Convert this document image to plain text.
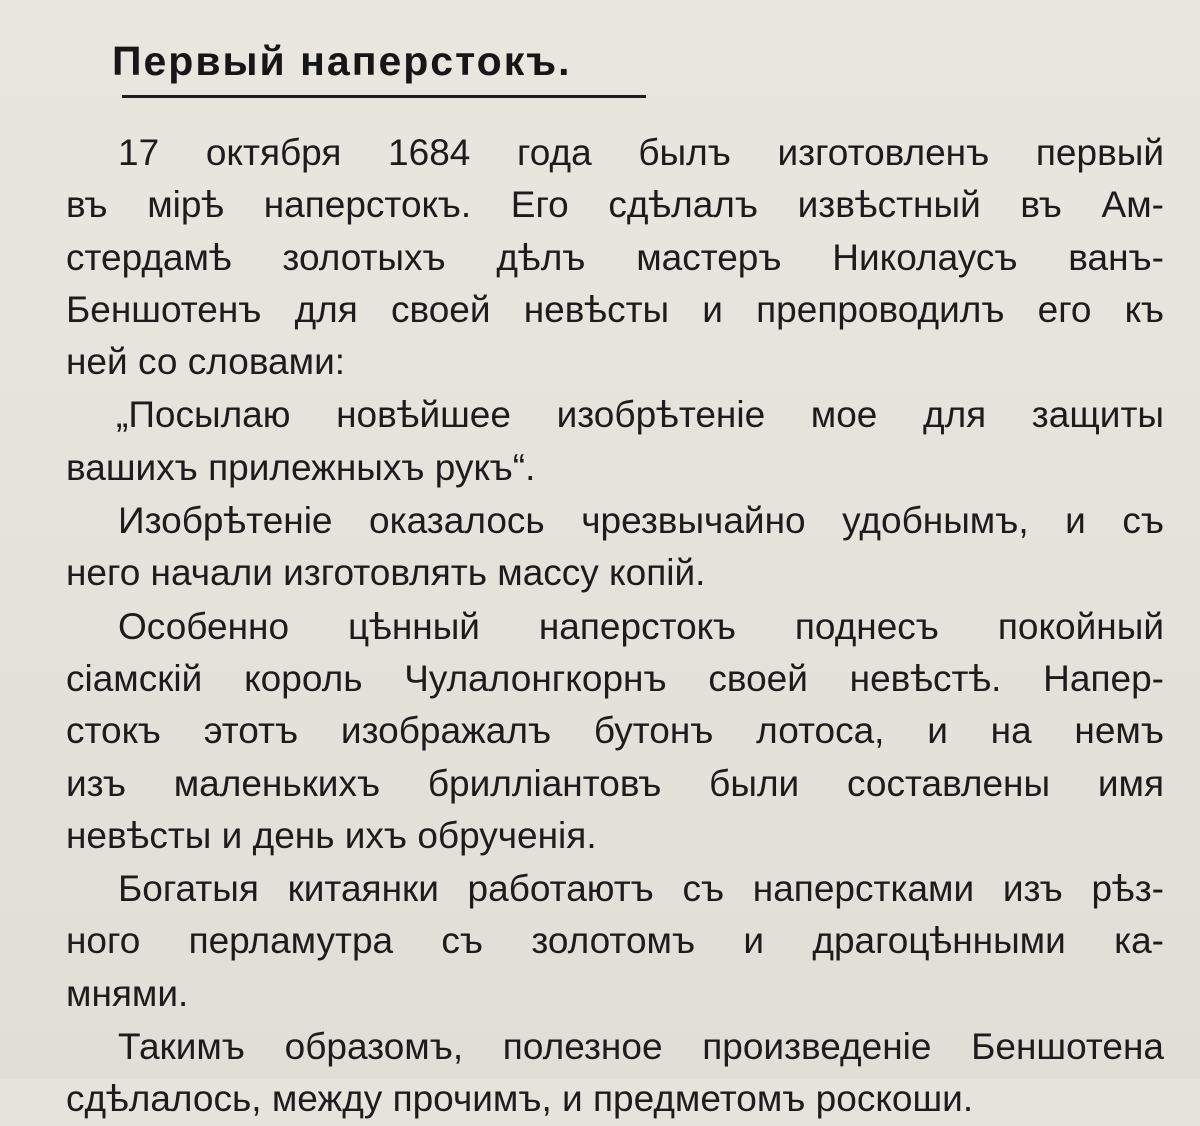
Первый наперстокъ.
17 октября 1684 года былъ изготовленъ первый
въ мірѣ наперстокъ. Его сдѣлалъ извѣстный въ Ам-
стердамѣ золотыхъ дѣлъ мастеръ Николаусъ ванъ-
Беншотенъ для своей невѣсты и препроводилъ его къ
ней со словами:
„Посылаю новѣйшее изобрѣтеніе мое для защиты
вашихъ прилежныхъ рукъ“.
Изобрѣтеніе оказалось чрезвычайно удобнымъ, и съ
него начали изготовлять массу копій.
Особенно цѣнный наперстокъ поднесъ покойный
сіамскій король Чулалонгкорнъ своей невѣстѣ. Напер-
стокъ этотъ изображалъ бутонъ лотоса, и на немъ
изъ маленькихъ брилліантовъ были составлены имя
невѣсты и день ихъ обрученія.
Богатыя китаянки работаютъ съ наперстками изъ рѣз-
ного перламутра съ золотомъ и драгоцѣнными ка-
мнями.
Такимъ образомъ, полезное произведеніе Беншотена
сдѣлалось, между прочимъ, и предметомъ роскоши.
